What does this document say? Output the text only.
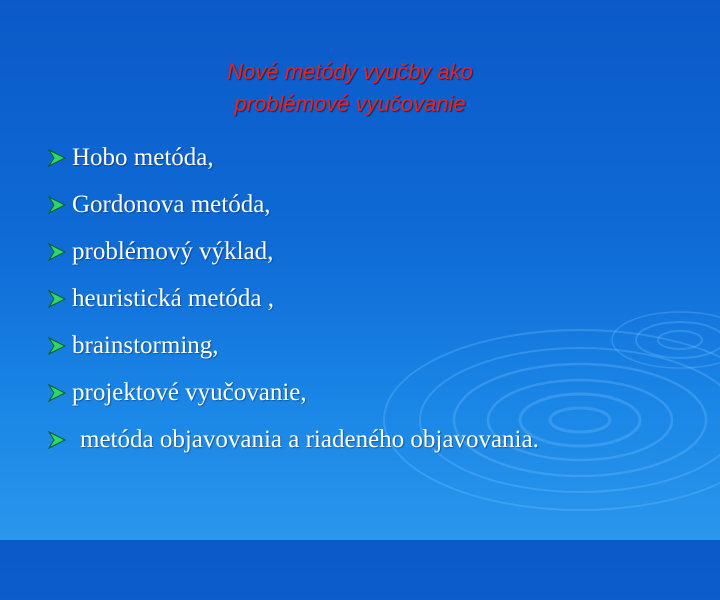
Nové metódy vyučby ako
problémové vyučovanie
Hobo metóda,
Gordonova metóda,
problémový výklad,
heuristická metóda ,
brainstorming,
projektové vyučovanie,
metóda objavovania a riadeného objavovania.
